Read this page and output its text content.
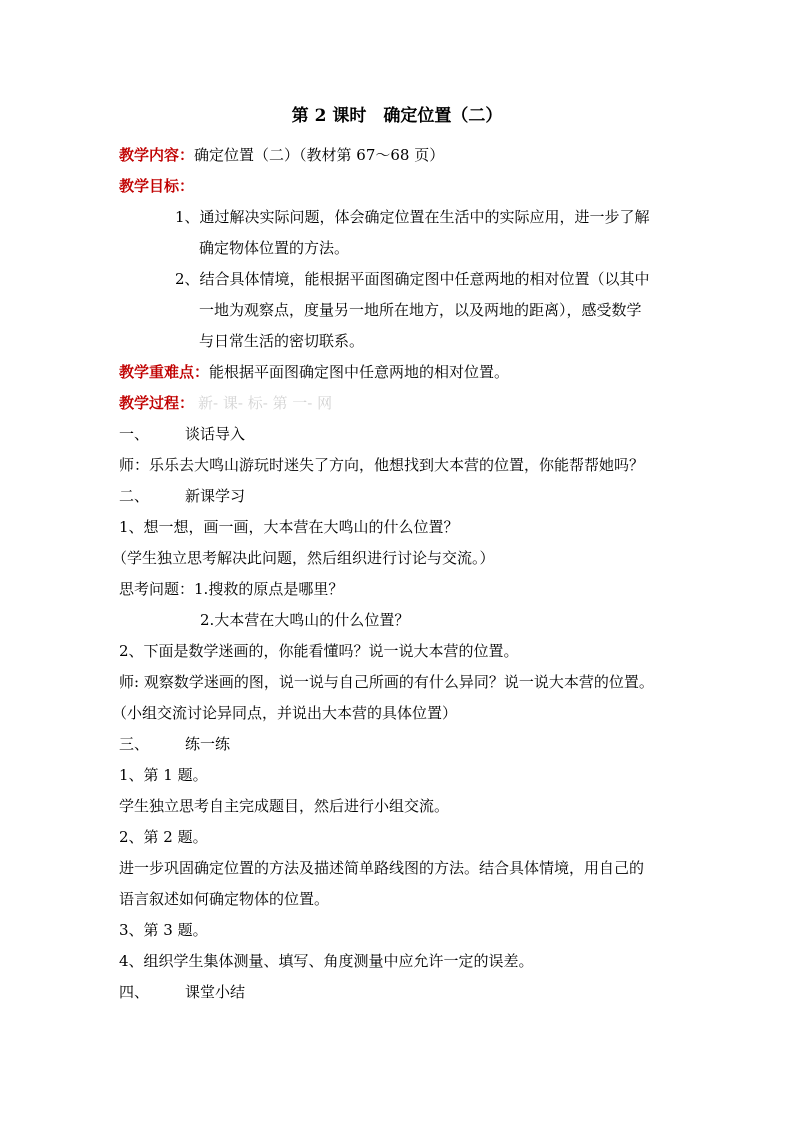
第 2 课时　确定位置（二）
教学内容：确定位置（二）（教材第 67～68 页）
教学目标：
1、通过解决实际问题，体会确定位置在生活中的实际应用，进一步了解
确定物体位置的方法。
2、结合具体情境，能根据平面图确定图中任意两地的相对位置（以其中
一地为观察点，度量另一地所在地方，以及两地的距离），感受数学
与日常生活的密切联系。
教学重难点：能根据平面图确定图中任意两地的相对位置。
教学过程： 新- 课- 标- 第 一- 网
一、 谈话导入
师：乐乐去大鸣山游玩时迷失了方向，他想找到大本营的位置，你能帮帮她吗？
二、 新课学习
1、想一想，画一画，大本营在大鸣山的什么位置？
（学生独立思考解决此问题，然后组织进行讨论与交流。）
思考问题：1.搜救的原点是哪里？
2.大本营在大鸣山的什么位置？
2、下面是数学迷画的，你能看懂吗？说一说大本营的位置。
师: 观察数学迷画的图，说一说与自己所画的有什么异同？说一说大本营的位置。
（小组交流讨论异同点，并说出大本营的具体位置）
三、 练一练
1、第 1 题。
学生独立思考自主完成题目，然后进行小组交流。
2、第 2 题。
进一步巩固确定位置的方法及描述简单路线图的方法。结合具体情境，用自己的
语言叙述如何确定物体的位置。
3、第 3 题。
4、组织学生集体测量、填写、角度测量中应允许一定的误差。
四、 课堂小结
